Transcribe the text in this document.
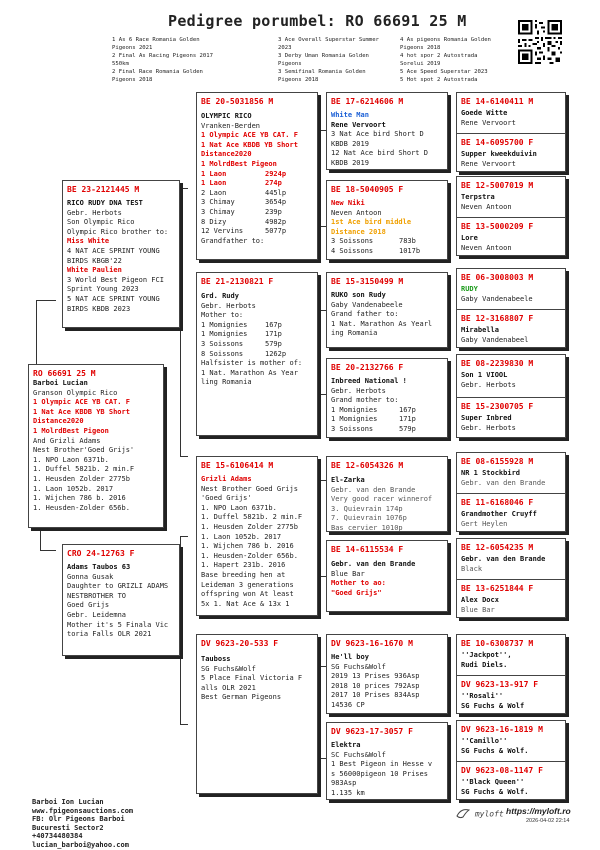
Pedigree porumbel: RO 66691 25 M
1 As 6 Race Romania Golden
Pigeons 2021
2 Final As Racing Pigeons 2017
550km
2 Final Race Romania Golden
Pigeons 2018
3 Ace Overall Superstar Summer
2023
3 Derby Uman Romania Golden
Pigeons
3 Semifinal Romania Golden
Pigeons 2018
4 As pigeons Romania Golden
Pigeons 2018
4 hot spor 2 Autostrada
Sorelui 2019
5 Ace Speed Superstar 2023
5 Hot spot 2 Autostrada
RO 66691 25 M
Barboi Lucian
Granson Olympic Rico
1 Olympic ACE YB CAT. F
1 Nat Ace KBDB YB Short
Distance2020
1 MolrdBest Pigeon
And Grizli Adams
Nest Brother'Goed Grijs'
1. NPO Laon 6371b.
1. Duffel 5821b. 2 min.F
1. Heusden Zolder 2775b
1. Laon 1052b. 2017
1. Wijchen 786 b. 2016
1. Heusden-Zolder 656b.
BE 23-2121445 M
RICO RUDY DNA TEST
Gebr. Herbots
Son Olympic Rico
Olympic Rico brother to:
Miss White
4 NAT ACE SPRINT YOUNG
BIRDS KBGB'22
White Paulien
3 World Best Pigeon FCI
Sprint Young 2023
5 NAT ACE SPRINT YOUNG
BIRDS KBDB 2023
CRO 24-12763 F
Adams Taubos 63
Gonna Gusak
Daughter to GRIZLI ADAMS
NESTBROTHER TO
Goed Grijs
Gebr. Leidemna
Mother it's 5 Finala Vic
toria Falls OLR 2021
BE 20-5031856 M
OLYMPIC RICO
Vranken-Berden
1 Olympic ACE YB CAT. F
1 Nat Ace KBDB YB Short
Distance2020
1 MolrdBest Pigeon
1 Laon	2924p
1 Laon	274p
2 Laon	445lp
3 Chimay	3654p
3 Chimay	239p
8 Dizy	4982p
12 Vervins	5077p
Grandfather to:
BE 21-2130821 F
Grd. Rudy
Gebr. Herbots
Mother to:
1 Momignies	167p
1 Momignies	171p
3 Soissons	579p
8 Soissons	1262p
Halfsister is mother of:
1 Nat. Marathon As Year
ling Romania
BE 15-6106414 M
Grizli Adams
Nest Brother Goed Grijs
'Goed Grijs'
1. NPO Laon 6371b.
1. Duffel 5821b. 2 min.F
1. Heusden Zolder 2775b
1. Laon 1052b. 2017
1. Wijchen 786 b. 2016
1. Heusden-Zolder 656b.
1. Hapert 231b. 2016
Base breeding hen at
Leideman 3 generations
offspring won At least
5x 1. Nat Ace & 13x 1
DV 9623-20-533 F
Tauboss
SG Fuchs&Wolf
5 Place Final Victoria F
alls OLR 2021
Best German Pigeons
BE 17-6214606 M
White Man
Rene Vervoort
3 Nat Ace bird Short D
KBDB 2019
12 Nat Ace bird Short D
KBDB 2019
BE 18-5040905 F
New Niki
Neven Antoon
1st Ace bird middle
Distance 2018
3 Soissons	783b
4 Soissons	1017b
BE 15-3150499 M
RUKO son Rudy
Gaby Vandenabeele
Grand father to:
1 Nat. Marathon As Yearl
ing Romania
BE 20-2132766 F
Inbreed National !
Gebr. Herbots
Grand mother to:
1 Momignies	167p
1 Momignies	171p
3 Soissons	579p
BE 12-6054326 M
El-Zarka
Gebr. van den Brande
Very good racer winnerof
3. Quievrain 174p
7. Quievrain 1076p
Bas cervier 1010p
BE 14-6115534 F
Gebr. van den Brande
Blue Bar
Mother to ao:
"Goed Grijs"
DV 9623-16-1670 M
He'll boy
SG Fuchs&Wolf
2019 13 Prises 936Asp
2018 10 prices 792Asp
2017 10 Prises 834Asp
14536 CP
DV 9623-17-3057 F
Elektra
SC Fuchs&Wolf
1 Best Pigeon in Hesse v
s 56000pigeon 10 Prises
983Asp
1.135 km
BE 14-6140411 M
Goede Witte
Rene Vervoort
BE 14-6095700 F
Supper kweekduivin
Rene Vervoort
BE 12-5007019 M
Terpstra
Neven Antoon
BE 13-5000209 F
Lore
Neven Antoon
BE 06-3008003 M
RUDY
Gaby Vandenabeele
BE 12-3168807 F
Mirabella
Gaby Vandenabeel
BE 08-2239830 M
Son 1 VIOOL
Gebr. Herbots
BE 15-2300705 F
Super Inbred
Gebr. Herbots
BE 08-6155928 M
NR 1 Stockbird
Gebr. van den Brande
BE 11-6168046 F
Grandmother Cruyff
Gert Heylen
BE 12-6054235 M
Gebr. van den Brande
Black
BE 13-6251844 F
Alex Docx
Blue Bar
BE 10-6308737 M
''Jackpot'',
Rudi Diels.
DV 9623-13-917 F
''Rosali''
SG Fuchs & Wolf
DV 9623-16-1819 M
''Camillo''
SG Fuchs & Wolf.
DV 9623-08-1147 F
''Black Queen''
SG Fuchs & Wolf.
Barboi Ion Lucian
www.fpigeonsauctions.com
FB: Olr Pigeons Barboi
Bucuresti Sector2
+40734480384
lucian_barboi@yahoo.com
myloft https://myloft.ro
2026-04-02 22:14
